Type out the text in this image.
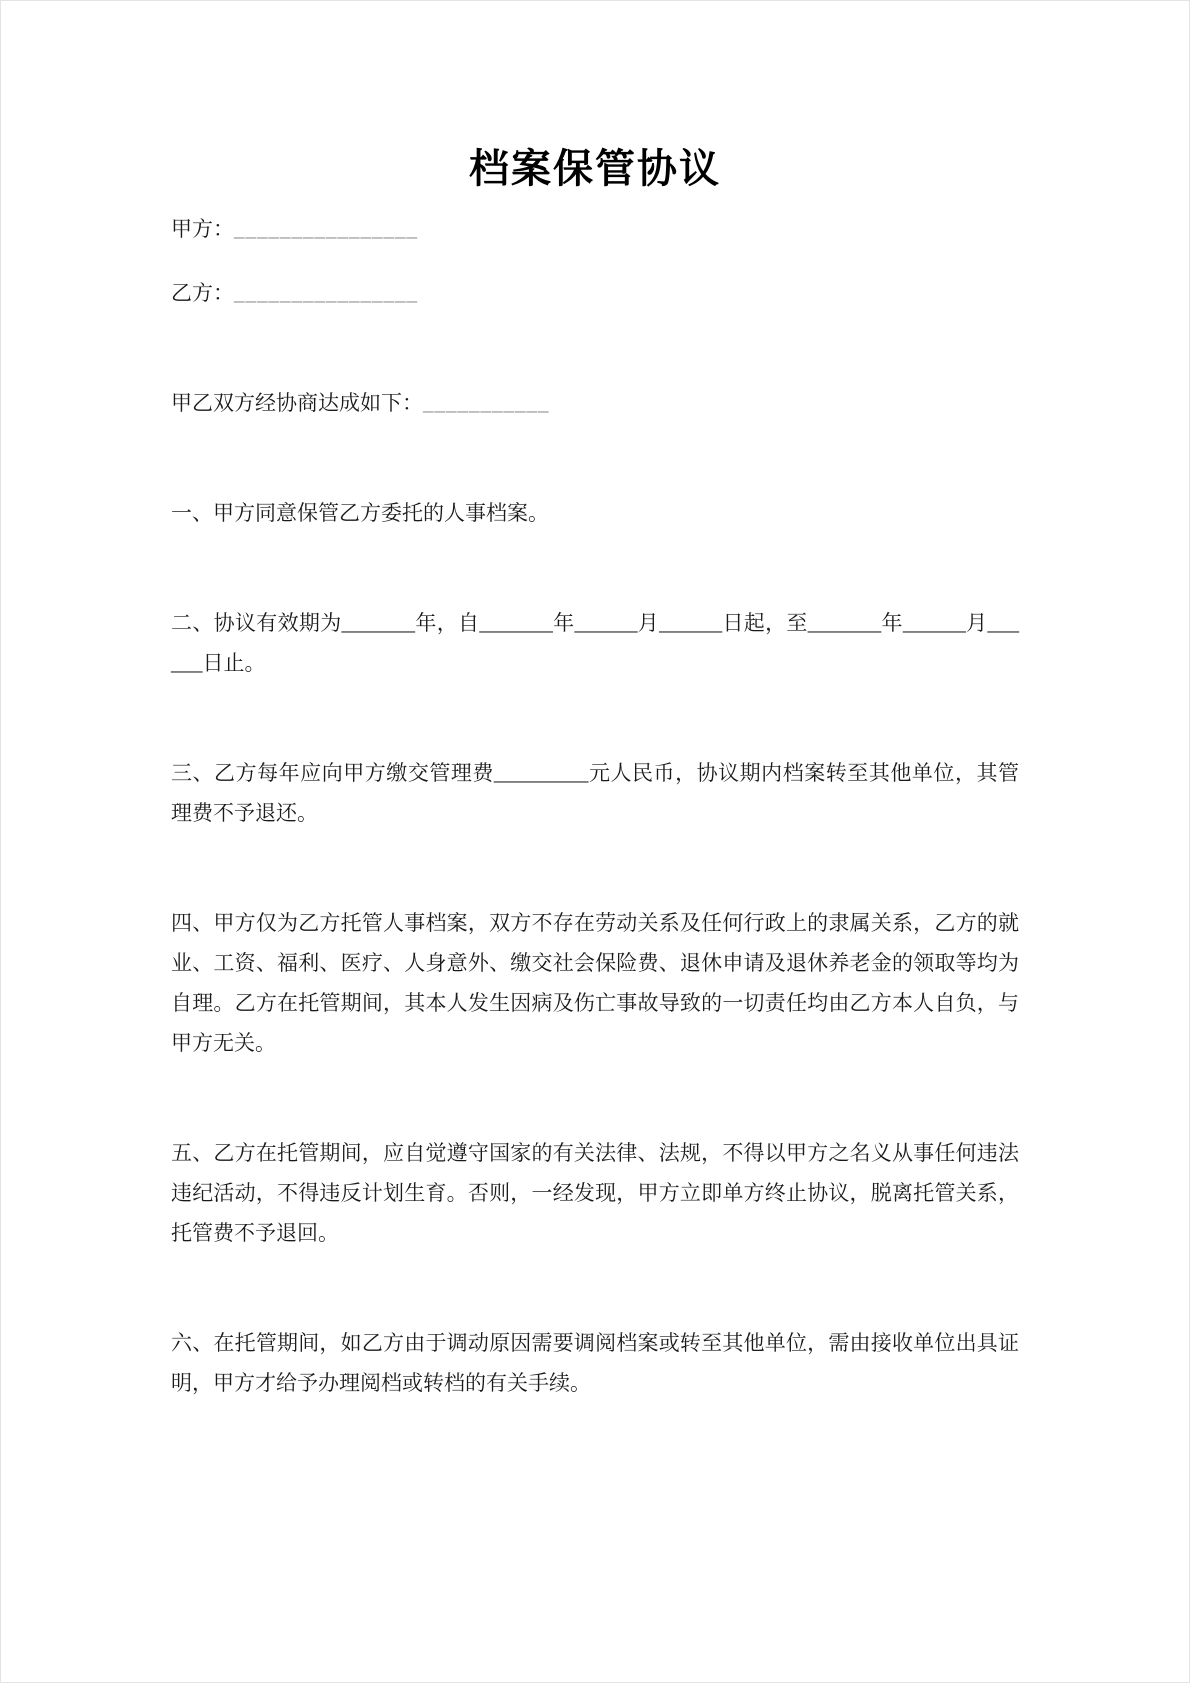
档案保管协议

甲方：________________

乙方：________________

甲乙双方经协商达成如下：___________

一、甲方同意保管乙方委托的人事档案。

二、协议有效期为_______年，自_______年______月______日起，至_______年______月______日止。

三、乙方每年应向甲方缴交管理费_________元人民币，协议期内档案转至其他单位，其管理费不予退还。

四、甲方仅为乙方托管人事档案，双方不存在劳动关系及任何行政上的隶属关系，乙方的就业、工资、福利、医疗、人身意外、缴交社会保险费、退休申请及退休养老金的领取等均为自理。乙方在托管期间，其本人发生因病及伤亡事故导致的一切责任均由乙方本人自负，与甲方无关。

五、乙方在托管期间，应自觉遵守国家的有关法律、法规，不得以甲方之名义从事任何违法违纪活动，不得违反计划生育。否则，一经发现，甲方立即单方终止协议，脱离托管关系，托管费不予退回。

六、在托管期间，如乙方由于调动原因需要调阅档案或转至其他单位，需由接收单位出具证明，甲方才给予办理阅档或转档的有关手续。
